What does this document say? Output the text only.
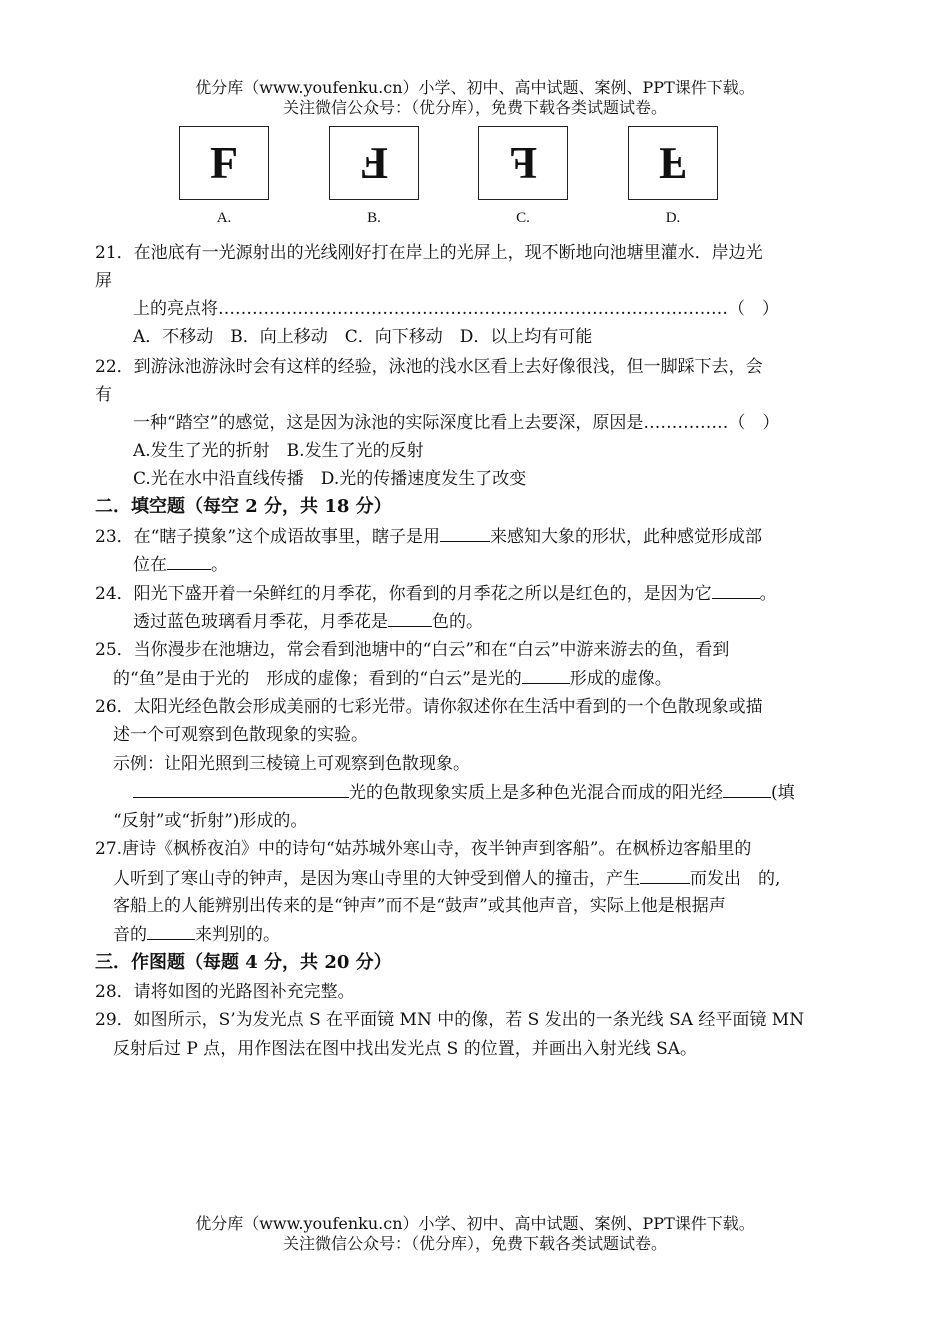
优分库（www.youfenku.cn）小学、初中、高中试题、案例、PPT课件下载。
关注微信公众号：（优分库），免费下载各类试题试卷。
F
A.
F
B.
F
C.
F
D.
21．在池底有一光源射出的光线刚好打在岸上的光屏上，现不断地向池塘里灌水．岸边光
屏
上的亮点将………………………………………………………………………………（　）
A．不移动　B．向上移动　C．向下移动　D．以上均有可能
22．到游泳池游泳时会有这样的经验，泳池的浅水区看上去好像很浅，但一脚踩下去，会
有
一种“踏空”的感觉，这是因为泳池的实际深度比看上去要深，原因是……………（　）
A.发生了光的折射　B.发生了光的反射
C.光在水中沿直线传播　D.光的传播速度发生了改变
二．填空题（每空 2 分，共 18 分）
23．在“瞎子摸象”这个成语故事里，瞎子是用	来感知大象的形状，此种感觉形成部
位在	。
24．阳光下盛开着一朵鲜红的月季花，你看到的月季花之所以是红色的，是因为它	。
透过蓝色玻璃看月季花，月季花是	色的。
25．当你漫步在池塘边，常会看到池塘中的“白云”和在“白云”中游来游去的鱼，看到
的“鱼”是由于光的　形成的虚像；看到的“白云”是光的	形成的虚像。
26．太阳光经色散会形成美丽的七彩光带。请你叙述你在生活中看到的一个色散现象或描
述一个可观察到色散现象的实验。
示例：让阳光照到三棱镜上可观察到色散现象。
光的色散现象实质上是多种色光混合而成的阳光经	(填
“反射”或“折射”)形成的。
27.唐诗《枫桥夜泊》中的诗句“姑苏城外寒山寺，夜半钟声到客船”。在枫桥边客船里的
人听到了寒山寺的钟声，是因为寒山寺里的大钟受到僧人的撞击，产生	而发出　的,
客船上的人能辨别出传来的是“钟声”而不是“鼓声”或其他声音，实际上他是根据声
音的	来判别的。
三．作图题（每题 4 分，共 20 分）
28．请将如图的光路图补充完整。
29．如图所示，S’为发光点 S 在平面镜 MN 中的像，若 S 发出的一条光线 SA 经平面镜 MN
反射后过 P 点，用作图法在图中找出发光点 S 的位置，并画出入射光线 SA。
优分库（www.youfenku.cn）小学、初中、高中试题、案例、PPT课件下载。
关注微信公众号：（优分库），免费下载各类试题试卷。
